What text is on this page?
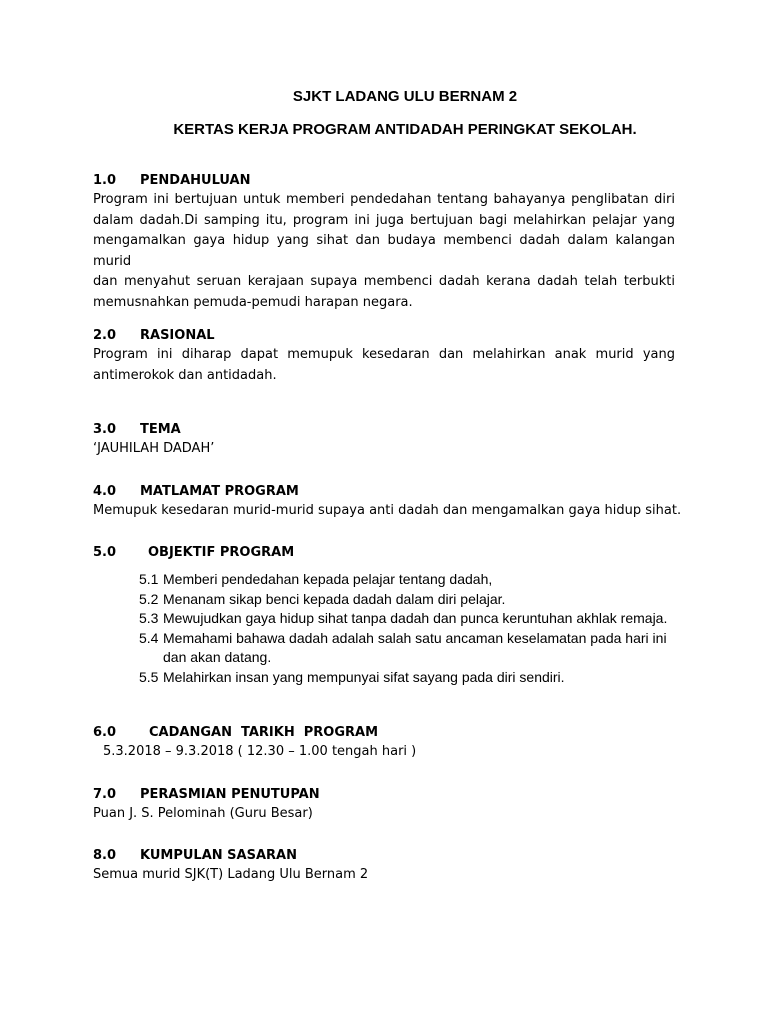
SJKT LADANG ULU BERNAM 2
KERTAS KERJA PROGRAM ANTIDADAH PERINGKAT SEKOLAH.
1.0 PENDAHULUAN
Program ini bertujuan untuk memberi pendedahan tentang bahayanya penglibatan diri
dalam dadah.Di samping itu, program ini juga bertujuan bagi melahirkan pelajar yang
mengamalkan gaya hidup yang sihat dan budaya membenci dadah dalam kalangan murid
dan menyahut seruan kerajaan supaya membenci dadah kerana dadah telah terbukti
memusnahkan pemuda-pemudi harapan negara.
2.0 RASIONAL
Program ini diharap dapat memupuk kesedaran dan melahirkan anak murid yang
antimerokok dan antidadah.
3.0 TEMA
‘JAUHILAH DADAH’
4.0 MATLAMAT PROGRAM
Memupuk kesedaran murid-murid supaya anti dadah dan mengamalkan gaya hidup sihat.
5.0 OBJEKTIF PROGRAM
5.1 Memberi pendedahan kepada pelajar tentang dadah,
5.2 Menanam sikap benci kepada dadah dalam diri pelajar.
5.3 Mewujudkan gaya hidup sihat tanpa dadah dan punca keruntuhan akhlak remaja.
5.4 Memahami bahawa dadah adalah salah satu ancaman keselamatan pada hari ini
dan akan datang.
5.5 Melahirkan insan yang mempunyai sifat sayang pada diri sendiri.
6.0	CADANGAN  TARIKH  PROGRAM
5.3.2018 – 9.3.2018 ( 12.30 – 1.00 tengah hari )
7.0 PERASMIAN PENUTUPAN
Puan J. S. Pelominah (Guru Besar)
8.0 KUMPULAN SASARAN
Semua murid SJK(T) Ladang Ulu Bernam 2
